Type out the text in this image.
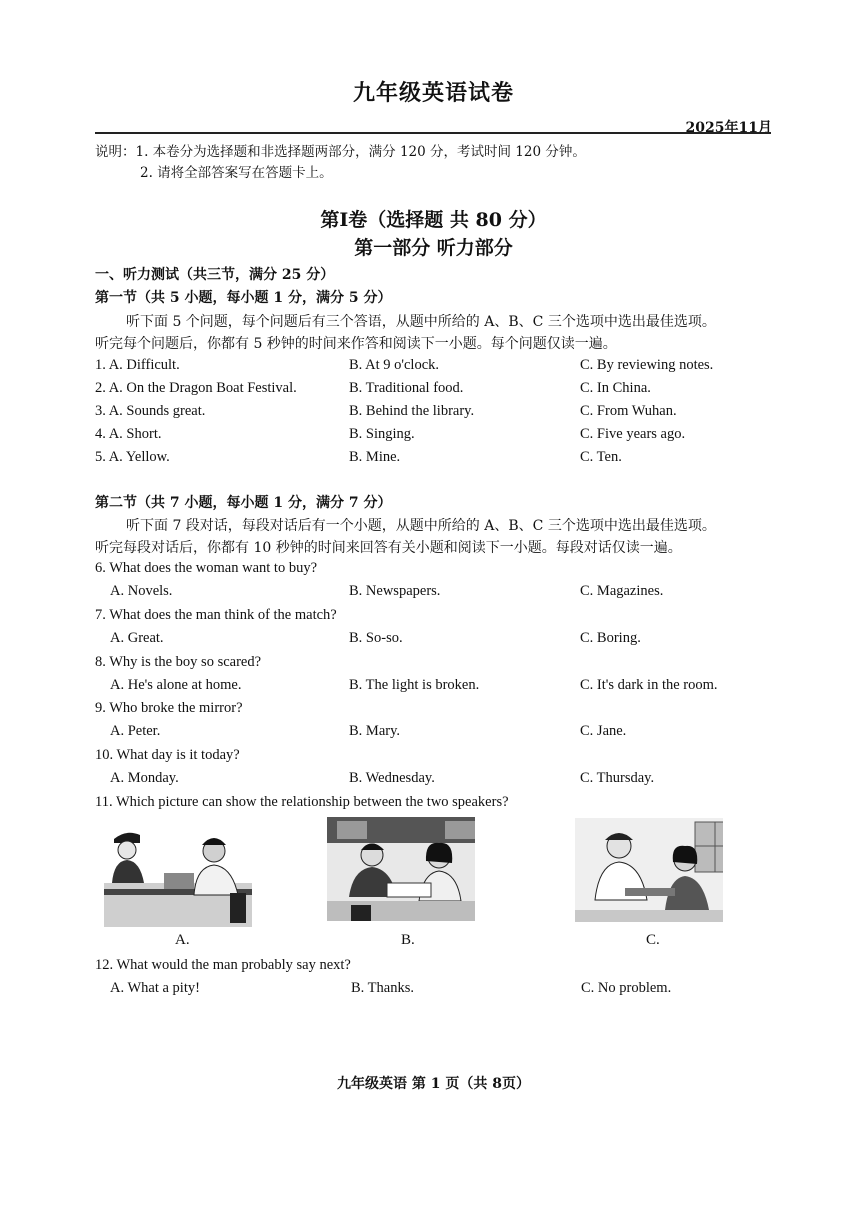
九年级英语试卷
2025年11月
说明：1. 本卷分为选择题和非选择题两部分，满分 120 分，考试时间 120 分钟。
2. 请将全部答案写在答题卡上。
第Ⅰ卷（选择题 共 80 分）
第一部分 听力部分
一、听力测试（共三节，满分 25 分）
第一节（共 5 小题，每小题 1 分，满分 5 分）
听下面 5 个问题，每个问题后有三个答语，从题中所给的 A、B、C 三个选项中选出最佳选项。
听完每个问题后，你都有 5 秒钟的时间来作答和阅读下一小题。每个问题仅读一遍。
1. A. Difficult.	B. At 9 o'clock.	C. By reviewing notes.
2. A. On the Dragon Boat Festival.	B. Traditional food.	C. In China.
3. A. Sounds great.	B. Behind the library.	C. From Wuhan.
4. A. Short.	B. Singing.	C. Five years ago.
5. A. Yellow.	B. Mine.	C. Ten.
第二节（共 7 小题，每小题 1 分，满分 7 分）
听下面 7 段对话，每段对话后有一个小题，从题中所给的 A、B、C 三个选项中选出最佳选项。
听完每段对话后，你都有 10 秒钟的时间来回答有关小题和阅读下一小题。每段对话仅读一遍。
6. What does the woman want to buy?
A. Novels.	B. Newspapers.	C. Magazines.
7. What does the man think of the match?
A. Great.	B. So-so.	C. Boring.
8. Why is the boy so scared?
A. He's alone at home.	B. The light is broken.	C. It's dark in the room.
9. Who broke the mirror?
A. Peter.	B. Mary.	C. Jane.
10. What day is it today?
A. Monday.	B. Wednesday.	C. Thursday.
11. Which picture can show the relationship between the two speakers?
A.	B.	C.
12. What would the man probably say next?
A. What a pity!	B. Thanks.	C. No problem.
九年级英语 第 1 页（共 8页）
